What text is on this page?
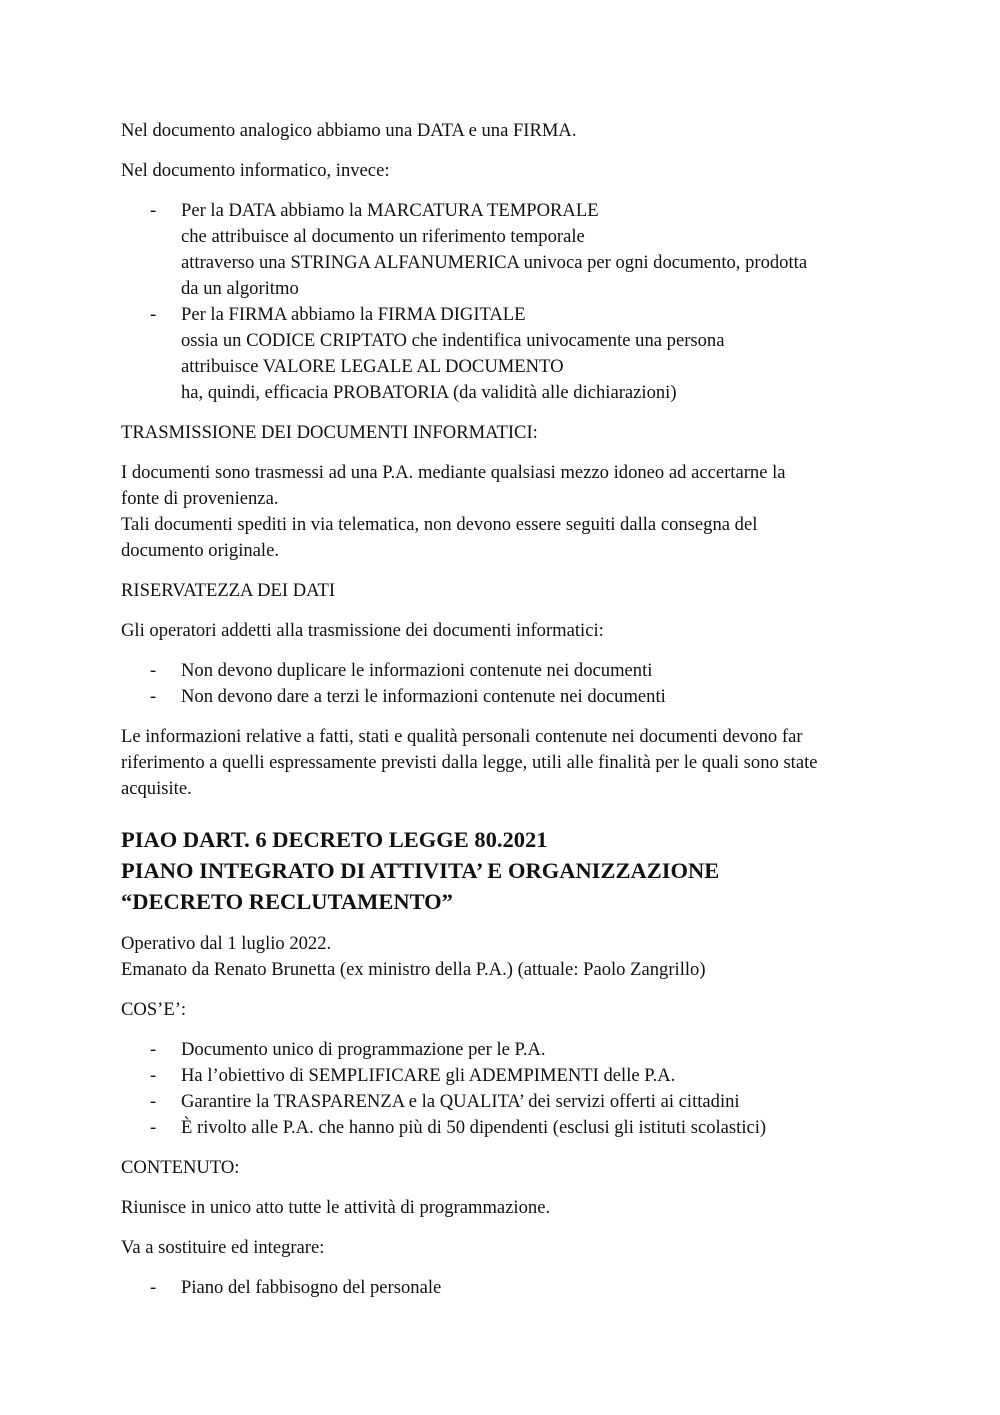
Nel documento analogico abbiamo una DATA e una FIRMA.

Nel documento informatico, invece:

- Per la DATA abbiamo la MARCATURA TEMPORALE
che attribuisce al documento un riferimento temporale
attraverso una STRINGA ALFANUMERICA univoca per ogni documento, prodotta
da un algoritmo
- Per la FIRMA abbiamo la FIRMA DIGITALE
ossia un CODICE CRIPTATO che indentifica univocamente una persona
attribuisce VALORE LEGALE AL DOCUMENTO
ha, quindi, efficacia PROBATORIA (da validità alle dichiarazioni)

TRASMISSIONE DEI DOCUMENTI INFORMATICI:

I documenti sono trasmessi ad una P.A. mediante qualsiasi mezzo idoneo ad accertarne la
fonte di provenienza.
Tali documenti spediti in via telematica, non devono essere seguiti dalla consegna del
documento originale.

RISERVATEZZA DEI DATI

Gli operatori addetti alla trasmissione dei documenti informatici:

- Non devono duplicare le informazioni contenute nei documenti
- Non devono dare a terzi le informazioni contenute nei documenti

Le informazioni relative a fatti, stati e qualità personali contenute nei documenti devono far
riferimento a quelli espressamente previsti dalla legge, utili alle finalità per le quali sono state
acquisite.

PIAO DART. 6 DECRETO LEGGE 80.2021
PIANO INTEGRATO DI ATTIVITA’ E ORGANIZZAZIONE
“DECRETO RECLUTAMENTO”

Operativo dal 1 luglio 2022.
Emanato da Renato Brunetta (ex ministro della P.A.) (attuale: Paolo Zangrillo)

COS’E’:

- Documento unico di programmazione per le P.A.
- Ha l’obiettivo di SEMPLIFICARE gli ADEMPIMENTI delle P.A.
- Garantire la TRASPARENZA e la QUALITA’ dei servizi offerti ai cittadini
- È rivolto alle P.A. che hanno più di 50 dipendenti (esclusi gli istituti scolastici)

CONTENUTO:

Riunisce in unico atto tutte le attività di programmazione.

Va a sostituire ed integrare:

- Piano del fabbisogno del personale
